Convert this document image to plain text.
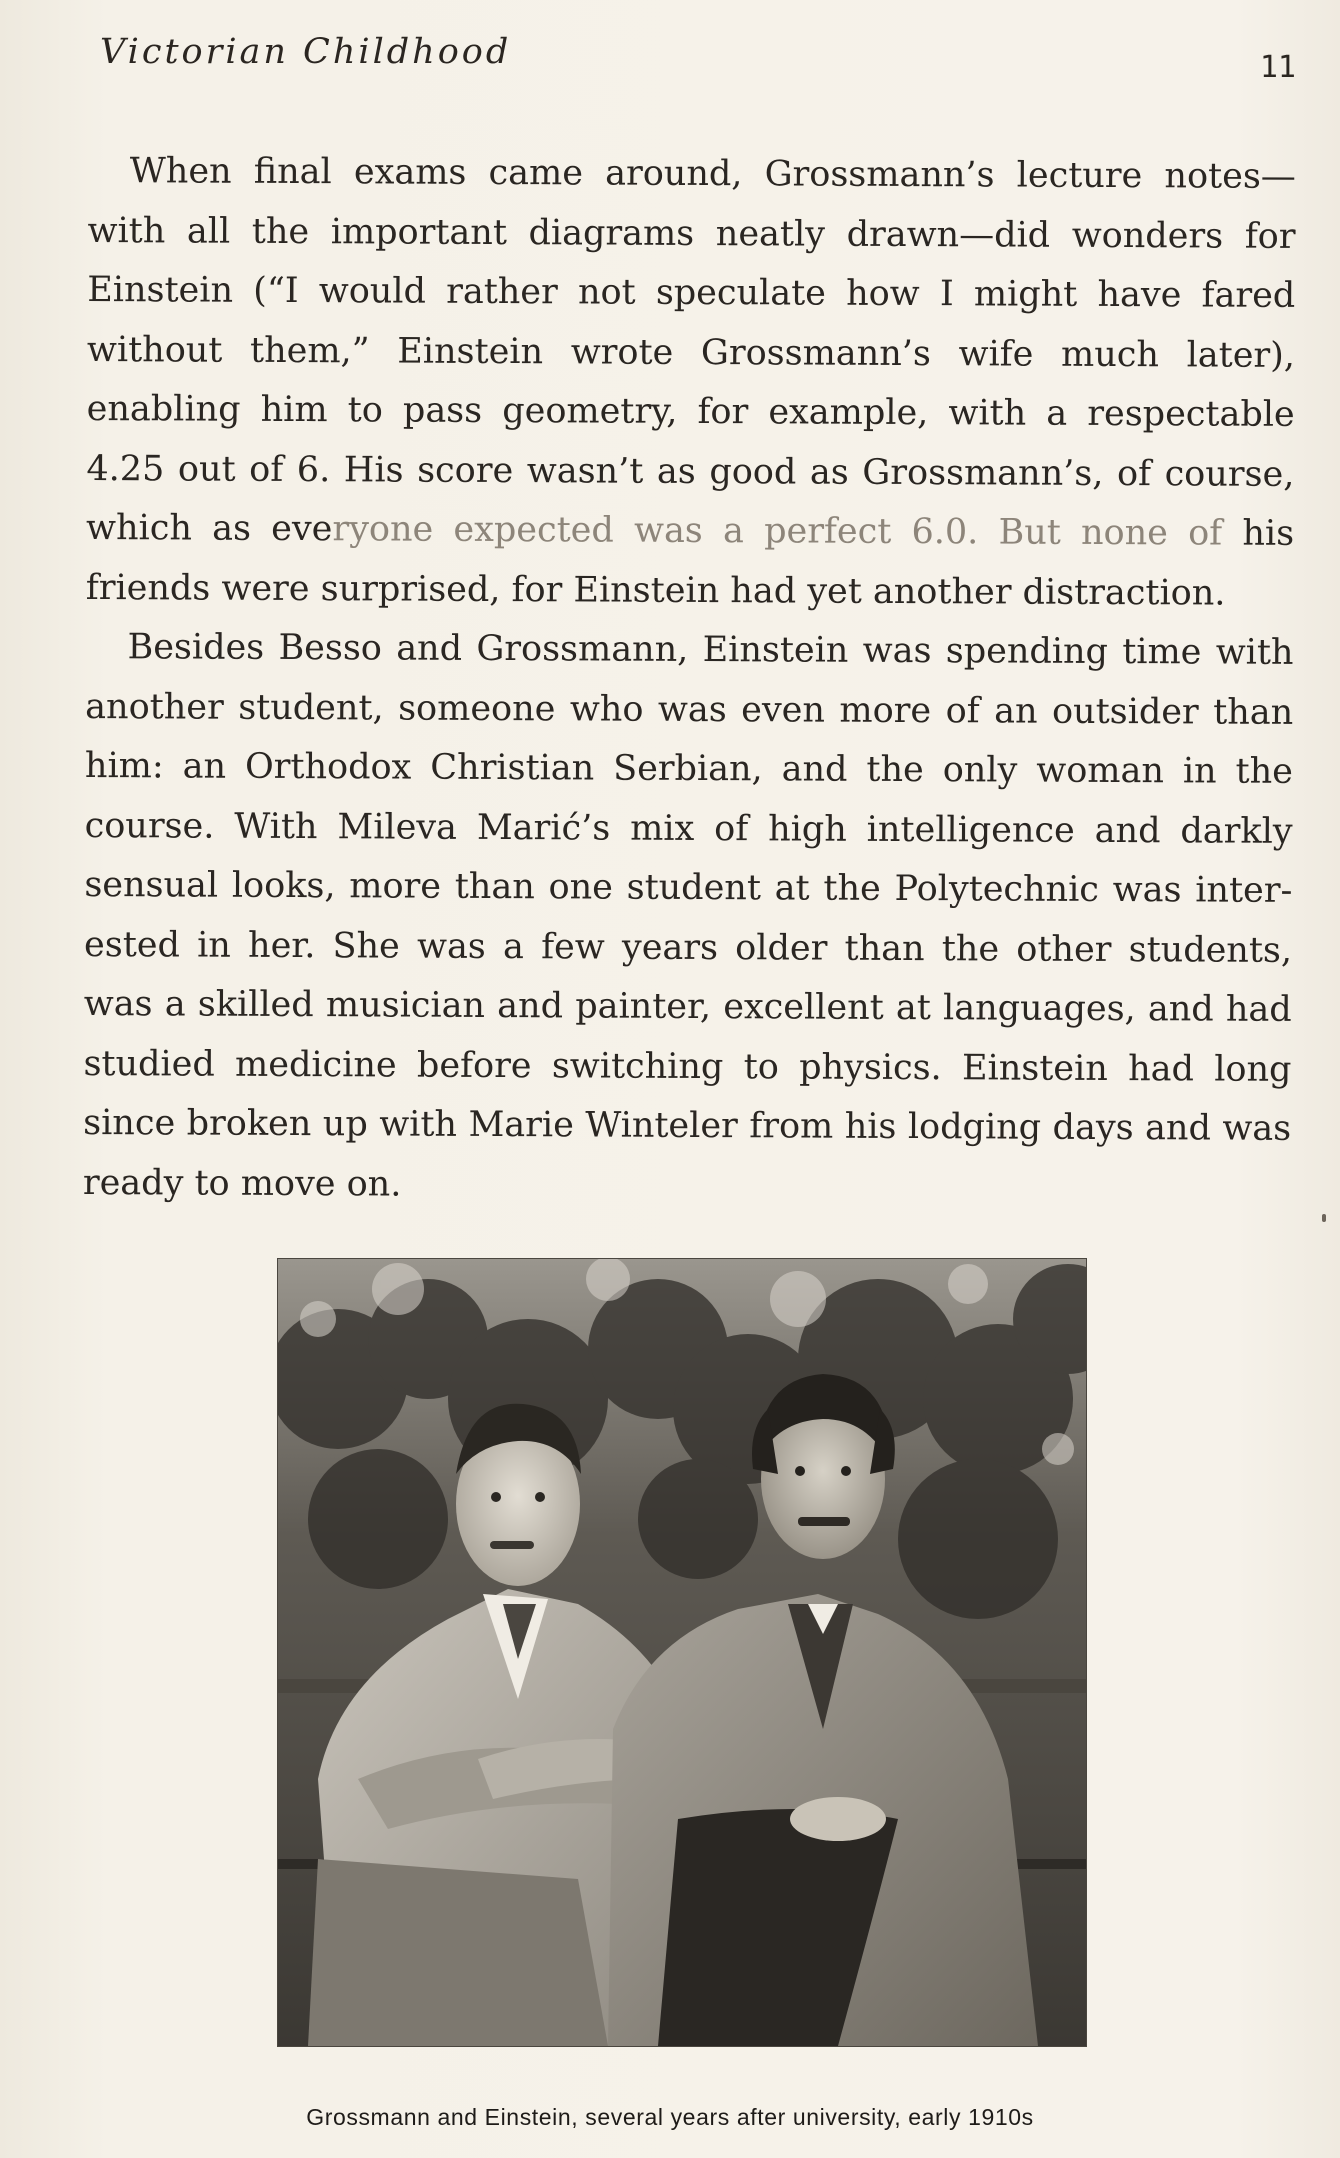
Victorian Childhood	11

When final exams came around, Grossmann’s lecture notes—with all the important diagrams neatly drawn—did wonders for Einstein (“I would rather not speculate how I might have fared without them,” Einstein wrote Grossmann’s wife much later), enabling him to pass geometry, for example, with a respectable 4.25 out of 6. His score wasn’t as good as Grossmann’s, of course, which as everyone expected was a perfect 6.0. But none of his friends were surprised, for Einstein had yet another distraction.

Besides Besso and Grossmann, Einstein was spending time with another student, someone who was even more of an outsider than him: an Orthodox Christian Serbian, and the only woman in the course. With Mileva Marić’s mix of high intelligence and darkly sensual looks, more than one student at the Polytechnic was interested in her. She was a few years older than the other students, was a skilled musician and painter, excellent at languages, and had studied medicine before switching to physics. Einstein had long since broken up with Marie Winteler from his lodging days and was ready to move on.

Grossmann and Einstein, several years after university, early 1910s
